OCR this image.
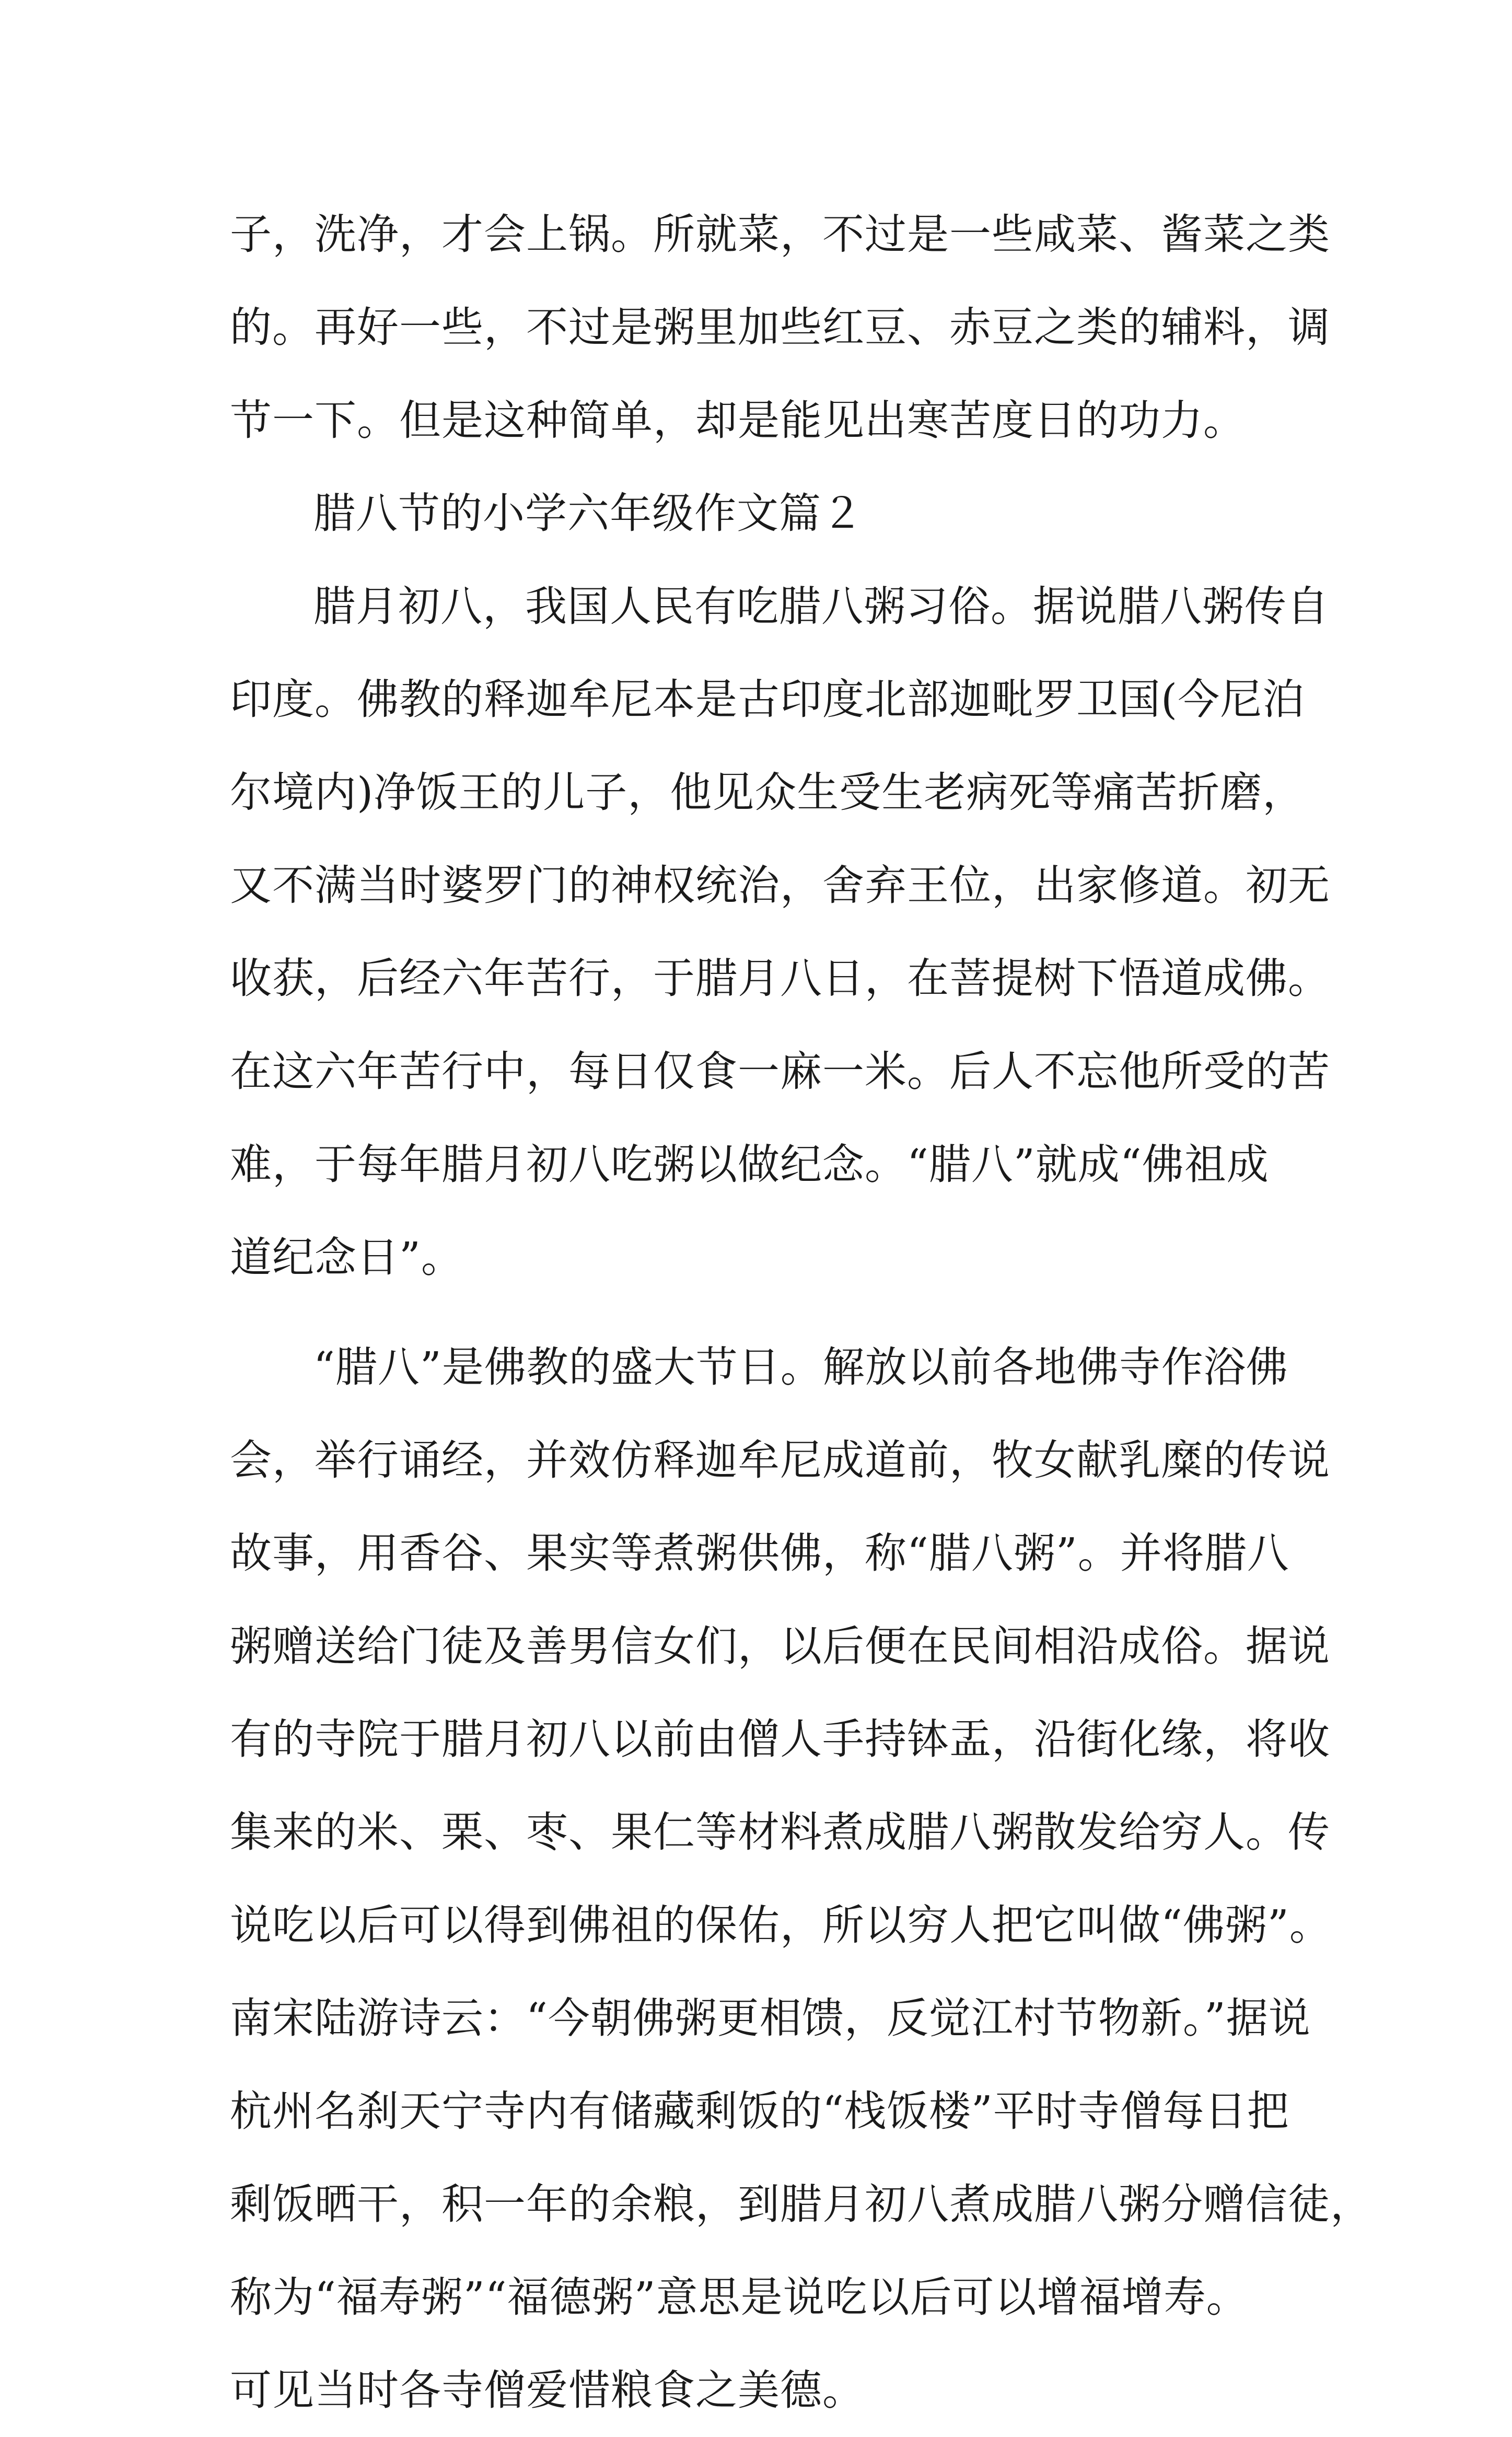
子，洗净，才会上锅。所就菜，不过是一些咸菜、酱菜之类
的。再好一些，不过是粥里加些红豆、赤豆之类的辅料，调
节一下。但是这种简单，却是能见出寒苦度日的功力。
腊八节的小学六年级作文篇２
腊月初八，我国人民有吃腊八粥习俗。据说腊八粥传自
印度。佛教的释迦牟尼本是古印度北部迦毗罗卫国(今尼泊
尔境内)净饭王的儿子，他见众生受生老病死等痛苦折磨，
又不满当时婆罗门的神权统治，舍弃王位，出家修道。初无
收获，后经六年苦行，于腊月八日，在菩提树下悟道成佛。
在这六年苦行中，每日仅食一麻一米。后人不忘他所受的苦
难，于每年腊月初八吃粥以做纪念。“腊八”就成“佛祖成
道纪念日”。
“腊八”是佛教的盛大节日。解放以前各地佛寺作浴佛
会，举行诵经，并效仿释迦牟尼成道前，牧女献乳糜的传说
故事，用香谷、果实等煮粥供佛，称“腊八粥”。并将腊八
粥赠送给门徒及善男信女们，以后便在民间相沿成俗。据说
有的寺院于腊月初八以前由僧人手持钵盂，沿街化缘，将收
集来的米、栗、枣、果仁等材料煮成腊八粥散发给穷人。传
说吃以后可以得到佛祖的保佑，所以穷人把它叫做“佛粥”。
南宋陆游诗云：“今朝佛粥更相馈，反觉江村节物新。”据说
杭州名刹天宁寺内有储藏剩饭的“栈饭楼”平时寺僧每日把
剩饭晒干，积一年的余粮，到腊月初八煮成腊八粥分赠信徒，
称为“福寿粥”“福德粥”意思是说吃以后可以增福增寿。
可见当时各寺僧爱惜粮食之美德。
